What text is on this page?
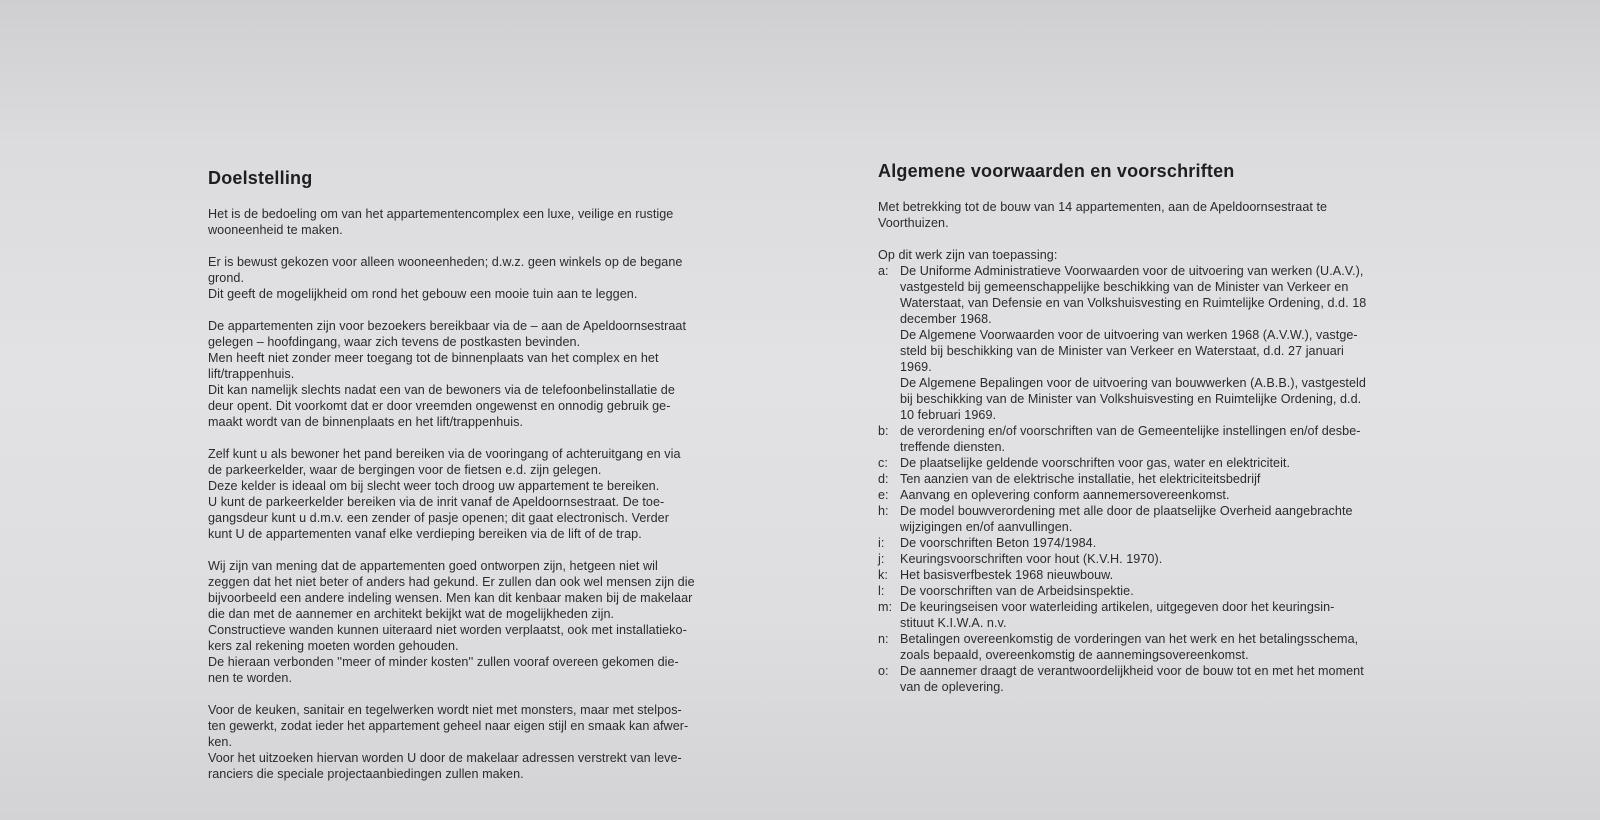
Doelstelling

Het is de bedoeling om van het appartementencomplex een luxe, veilige en rustige
wooneenheid te maken.

Er is bewust gekozen voor alleen wooneenheden; d.w.z. geen winkels op de begane
grond.
Dit geeft de mogelijkheid om rond het gebouw een mooie tuin aan te leggen.

De appartementen zijn voor bezoekers bereikbaar via de – aan de Apeldoornsestraat
gelegen – hoofdingang, waar zich tevens de postkasten bevinden.
Men heeft niet zonder meer toegang tot de binnenplaats van het complex en het
lift/trappenhuis.
Dit kan namelijk slechts nadat een van de bewoners via de telefoonbelinstallatie de
deur opent. Dit voorkomt dat er door vreemden ongewenst en onnodig gebruik ge-
maakt wordt van de binnenplaats en het lift/trappenhuis.

Zelf kunt u als bewoner het pand bereiken via de vooringang of achteruitgang en via
de parkeerkelder, waar de bergingen voor de fietsen e.d. zijn gelegen.
Deze kelder is ideaal om bij slecht weer toch droog uw appartement te bereiken.
U kunt de parkeerkelder bereiken via de inrit vanaf de Apeldoornsestraat. De toe-
gangsdeur kunt u d.m.v. een zender of pasje openen; dit gaat electronisch. Verder
kunt U de appartementen vanaf elke verdieping bereiken via de lift of de trap.

Wij zijn van mening dat de appartementen goed ontworpen zijn, hetgeen niet wil
zeggen dat het niet beter of anders had gekund. Er zullen dan ook wel mensen zijn die
bijvoorbeeld een andere indeling wensen. Men kan dit kenbaar maken bij de makelaar
die dan met de aannemer en architekt bekijkt wat de mogelijkheden zijn.
Constructieve wanden kunnen uiteraard niet worden verplaatst, ook met installatieko-
kers zal rekening moeten worden gehouden.
De hieraan verbonden ''meer of minder kosten'' zullen vooraf overeen gekomen die-
nen te worden.

Voor de keuken, sanitair en tegelwerken wordt niet met monsters, maar met stelpos-
ten gewerkt, zodat ieder het appartement geheel naar eigen stijl en smaak kan afwer-
ken.
Voor het uitzoeken hiervan worden U door de makelaar adressen verstrekt van leve-
ranciers die speciale projectaanbiedingen zullen maken.

Algemene voorwaarden en voorschriften

Met betrekking tot de bouw van 14 appartementen, aan de Apeldoornsestraat te
Voorthuizen.

Op dit werk zijn van toepassing:
a: De Uniforme Administratieve Voorwaarden voor de uitvoering van werken (U.A.V.),
vastgesteld bij gemeenschappelijke beschikking van de Minister van Verkeer en
Waterstaat, van Defensie en van Volkshuisvesting en Ruimtelijke Ordening, d.d. 18
december 1968.
De Algemene Voorwaarden voor de uitvoering van werken 1968 (A.V.W.), vastge-
steld bij beschikking van de Minister van Verkeer en Waterstaat, d.d. 27 januari
1969.
De Algemene Bepalingen voor de uitvoering van bouwwerken (A.B.B.), vastgesteld
bij beschikking van de Minister van Volkshuisvesting en Ruimtelijke Ordening, d.d.
10 februari 1969.
b: de verordening en/of voorschriften van de Gemeentelijke instellingen en/of desbe-
treffende diensten.
c: De plaatselijke geldende voorschriften voor gas, water en elektriciteit.
d: Ten aanzien van de elektrische installatie, het elektriciteitsbedrijf
e: Aanvang en oplevering conform aannemersovereenkomst.
h: De model bouwverordening met alle door de plaatselijke Overheid aangebrachte
wijzigingen en/of aanvullingen.
i: De voorschriften Beton 1974/1984.
j: Keuringsvoorschriften voor hout (K.V.H. 1970).
k: Het basisverfbestek 1968 nieuwbouw.
l: De voorschriften van de Arbeidsinspektie.
m: De keuringseisen voor waterleiding artikelen, uitgegeven door het keuringsin-
stituut K.I.W.A. n.v.
n: Betalingen overeenkomstig de vorderingen van het werk en het betalingsschema,
zoals bepaald, overeenkomstig de aannemingsovereenkomst.
o: De aannemer draagt de verantwoordelijkheid voor de bouw tot en met het moment
van de oplevering.
